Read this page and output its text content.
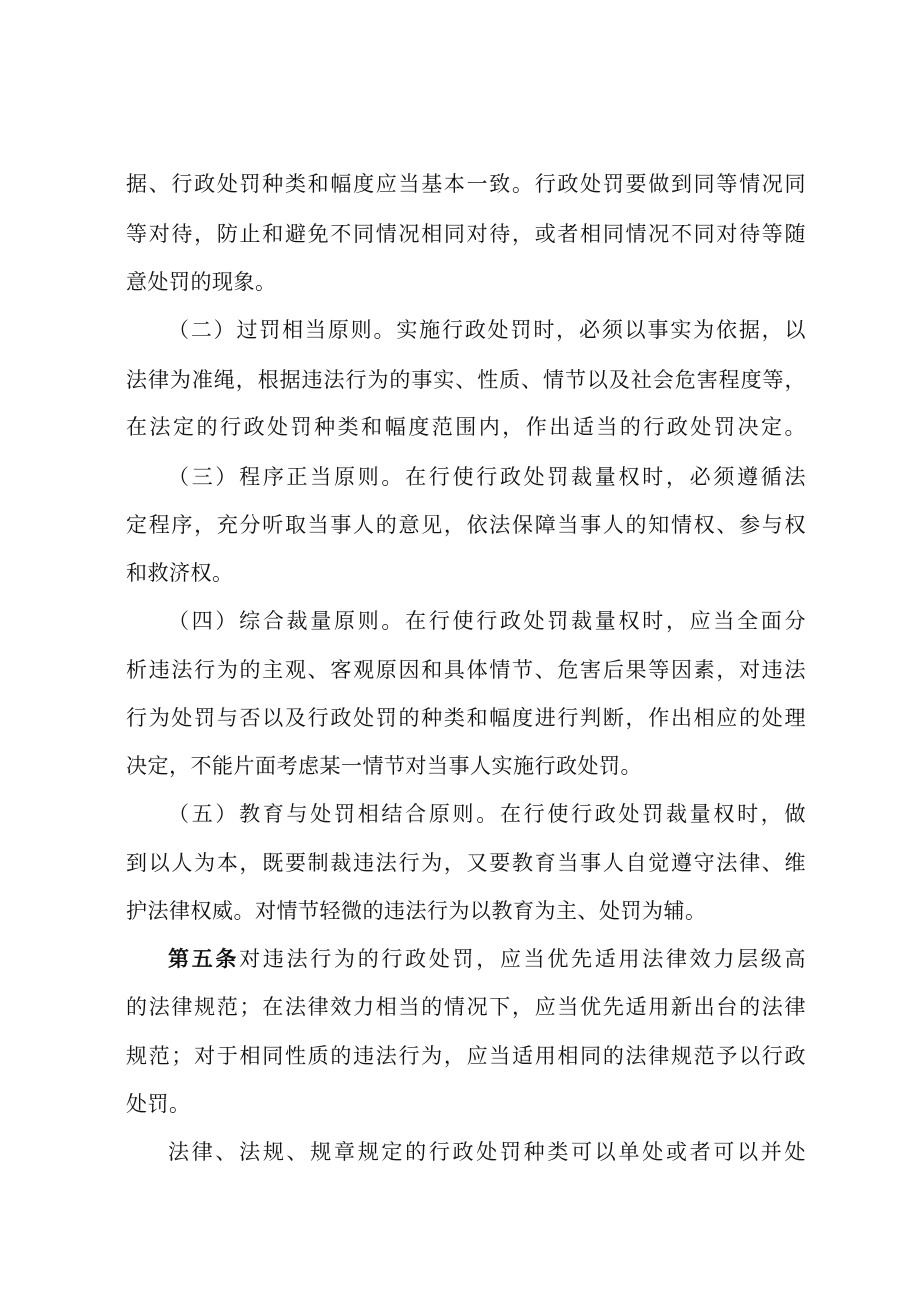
据、行政处罚种类和幅度应当基本一致。行政处罚要做到同等情况同
等对待，防止和避免不同情况相同对待，或者相同情况不同对待等随
意处罚的现象。
（二）过罚相当原则。实施行政处罚时，必须以事实为依据，以
法律为准绳，根据违法行为的事实、性质、情节以及社会危害程度等，
在法定的行政处罚种类和幅度范围内，作出适当的行政处罚决定。
（三）程序正当原则。在行使行政处罚裁量权时，必须遵循法
定程序，充分听取当事人的意见，依法保障当事人的知情权、参与权
和救济权。
（四）综合裁量原则。在行使行政处罚裁量权时，应当全面分
析违法行为的主观、客观原因和具体情节、危害后果等因素，对违法
行为处罚与否以及行政处罚的种类和幅度进行判断，作出相应的处理
决定，不能片面考虑某一情节对当事人实施行政处罚。
（五）教育与处罚相结合原则。在行使行政处罚裁量权时，做
到以人为本，既要制裁违法行为，又要教育当事人自觉遵守法律、维
护法律权威。对情节轻微的违法行为以教育为主、处罚为辅。
第五条对违法行为的行政处罚，应当优先适用法律效力层级高
的法律规范；在法律效力相当的情况下，应当优先适用新出台的法律
规范；对于相同性质的违法行为，应当适用相同的法律规范予以行政
处罚。
法律、法规、规章规定的行政处罚种类可以单处或者可以并处
